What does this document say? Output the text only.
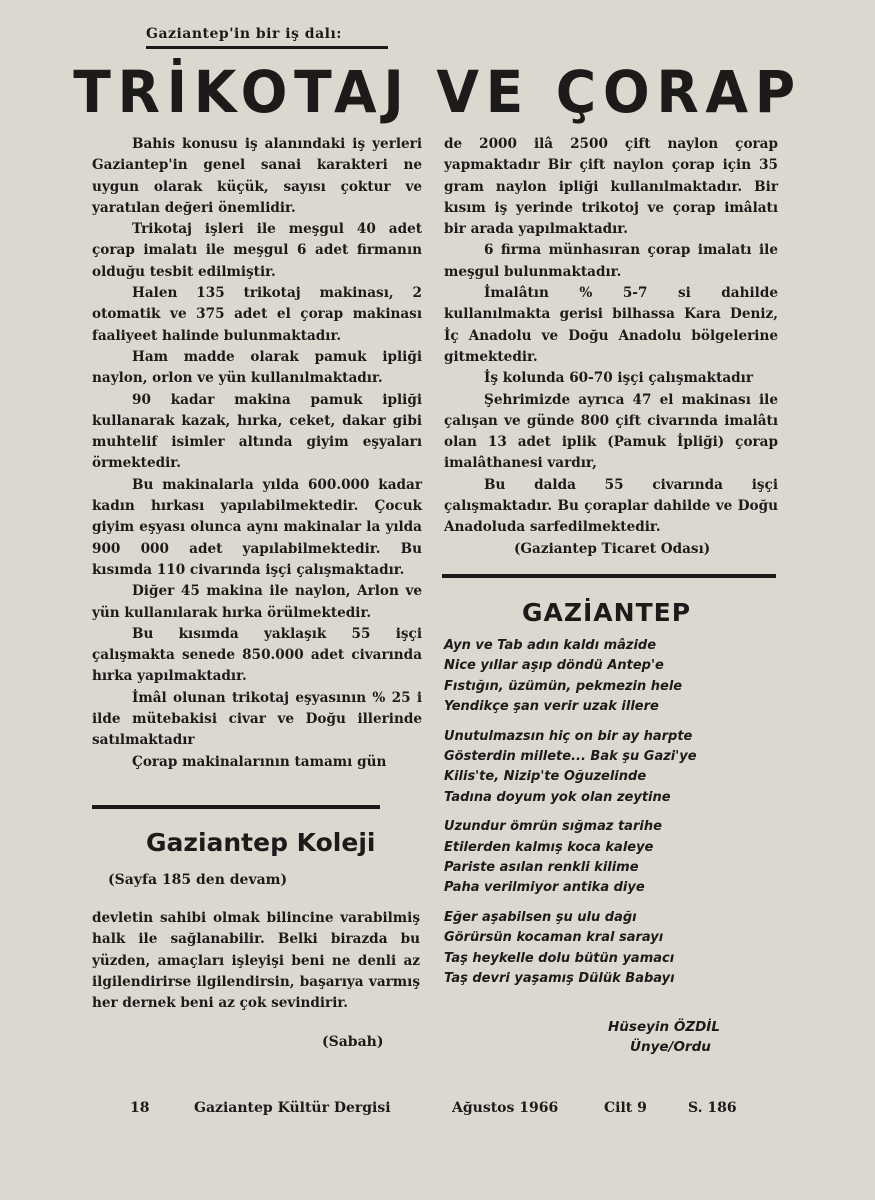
Gaziantep'in bir iş dalı:
TRİKOTAJ VE ÇORAP

Bahis konusu iş alanındaki iş yerleri Gaziantep'in genel sanai karakteri ne uygun olarak küçük, sayısı çoktur ve yaratılan değeri önemlidir.

Trikotaj işleri ile meşgul 40 adet çorap imalatı ile meşgul 6 adet firmanın olduğu tesbit edilmiştir.

Halen 135 trikotaj makinası, 2 otomatik ve 375 adet el çorap makinası faaliyeet halinde bulunmaktadır.

Ham madde olarak pamuk ipliği naylon, orlon ve yün kullanılmaktadır.

90 kadar makina pamuk ipliği kullanarak kazak, hırka, ceket, dakar gibi muhtelif isimler altında giyim eşyaları örmektedir.

Bu makinalarla yılda 600.000 kadar kadın hırkası yapılabilmektedir. Çocuk giyim eşyası olunca aynı makinalar la yılda 900 000 adet yapılabilmektedir. Bu kısımda 110 civarında işçi çalışmaktadır.

Diğer 45 makina ile naylon, Arlon ve yün kullanılarak hırka örülmektedir.

Bu kısımda yaklaşık 55 işçi çalışmakta senede 850.000 adet civarında hırka yapılmaktadır.

İmâl olunan trikotaj eşyasının % 25 i ilde mütebakisi civar ve Doğu illerinde satılmaktadır

Çorap makinalarının tamamı gün

de 2000 ilâ 2500 çift naylon çorap yapmaktadır Bir çift naylon çorap için 35 gram naylon ipliği kullanılmaktadır. Bir kısım iş yerinde trikotoj ve çorap imâlatı bir arada yapılmaktadır.

6 firma münhasıran çorap imalatı ile meşgul bulunmaktadır.

İmalâtın % 5-7 si dahilde kullanılmakta gerisi bilhassa Kara Deniz, İç Anadolu ve Doğu Anadolu bölgelerine gitmektedir.

İş kolunda 60-70 işçi çalışmaktadır

Şehrimizde ayrıca 47 el makinası ile çalışan ve günde 800 çift civarında imalâtı olan 13 adet iplik (Pamuk İpliği) çorap imalâthanesi vardır,

Bu dalda 55 civarında işçi çalışmaktadır. Bu çoraplar dahilde ve Doğu Anadoluda sarfedilmektedir.

(Gaziantep Ticaret Odası)

Gaziantep Koleji
(Sayfa 185 den devam)

devletin sahibi olmak bilincine varabilmiş halk ile sağlanabilir. Belki birazda bu yüzden, amaçları işleyişi beni ne denli az ilgilendirirse ilgilendirsin, başarıya varmış her dernek beni az çok sevindirir.

(Sabah)
GAZİANTEP
Ayn ve Tab adın kaldı mâzide
Nice yıllar aşıp döndü Antep'e
Fıstığın, üzümün, pekmezin hele
Yendikçe şan verir uzak illere
Unutulmazsın hiç on bir ay harpte
Gösterdin millete... Bak şu Gazi'ye
Kilis'te, Nizip'te Oğuzelinde
Tadına doyum yok olan zeytine
Uzundur ömrün sığmaz tarihe
Etilerden kalmış koca kaleye
Pariste asılan renkli kilime
Paha verilmiyor antika diye
Eğer aşabilsen şu ulu dağı
Görürsün kocaman kral sarayı
Taş heykelle dolu bütün yamacı
Taş devri yaşamış Dülük Babayı
Hüseyin ÖZDİL
Ünye/Ordu
18	Gaziantep Kültür Dergisi	Ağustos 1966	Cilt 9	S. 186
